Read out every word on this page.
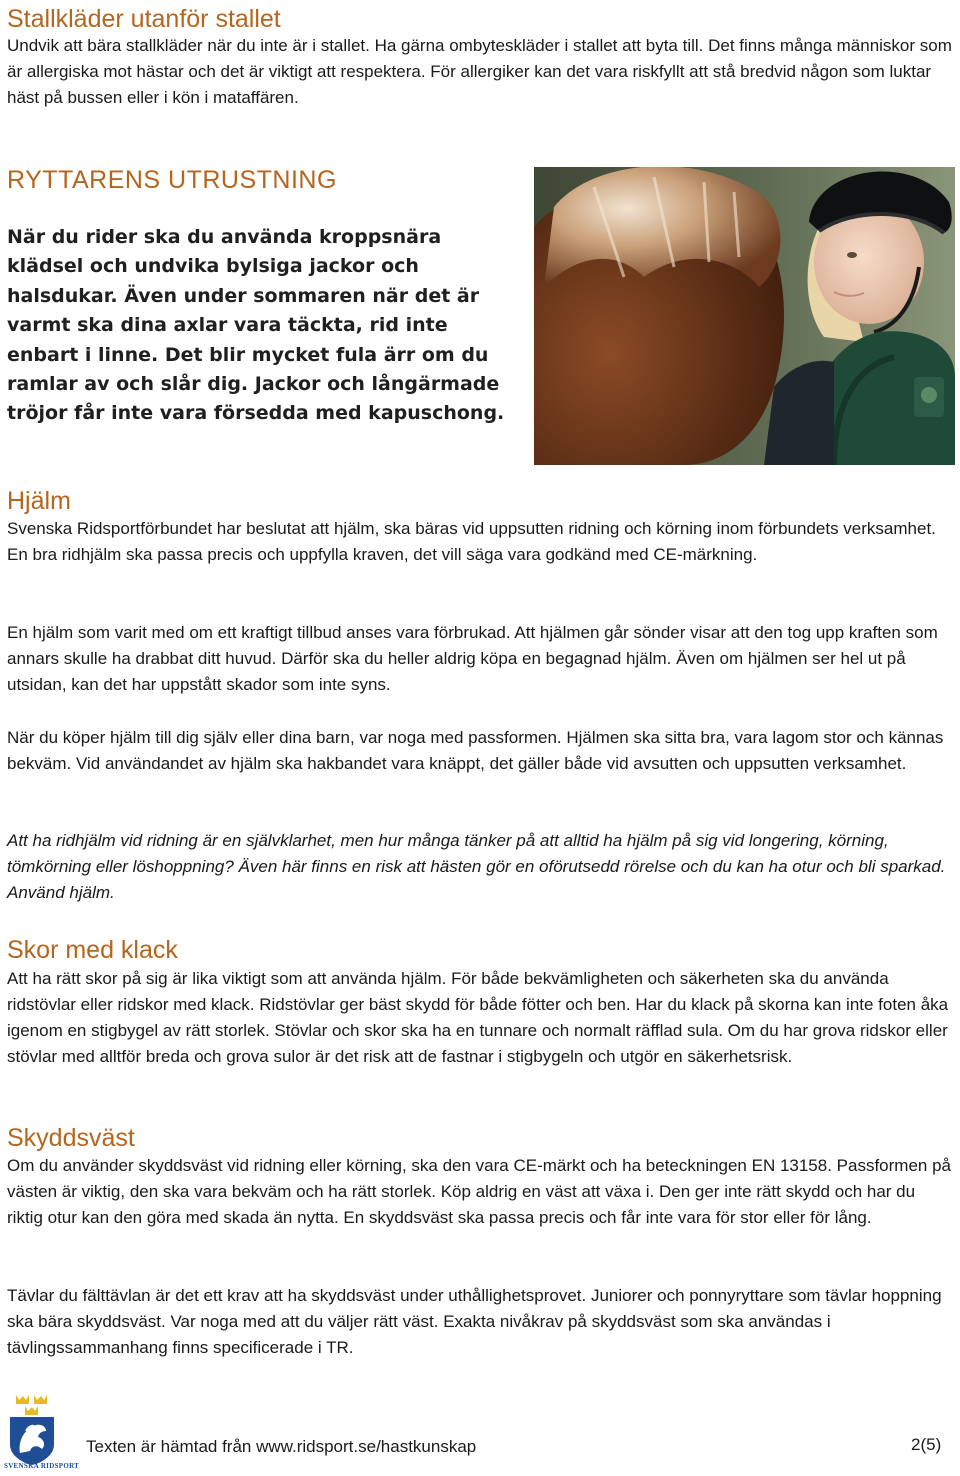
Stallkläder utanför stallet

Undvik att bära stallkläder när du inte är i stallet. Ha gärna ombyteskläder i stallet att byta till. Det finns många människor som är allergiska mot hästar och det är viktigt att respektera. För allergiker kan det vara riskfyllt att stå bredvid någon som luktar häst på bussen eller i kön i mataffären.

RYTTARENS UTRUSTNING

När du rider ska du använda kroppsnära klädsel och undvika bylsiga jackor och halsdukar. Även under sommaren när det är varmt ska dina axlar vara täckta, rid inte enbart i linne. Det blir mycket fula ärr om du ramlar av och slår dig. Jackor och långärmade tröjor får inte vara försedda med kapuschong.

Hjälm

Svenska Ridsportförbundet har beslutat att hjälm, ska bäras vid uppsutten ridning och körning inom förbundets verksamhet. En bra ridhjälm ska passa precis och uppfylla kraven, det vill säga vara godkänd med CE-märkning.

En hjälm som varit med om ett kraftigt tillbud anses vara förbrukad. Att hjälmen går sönder visar att den tog upp kraften som annars skulle ha drabbat ditt huvud. Därför ska du heller aldrig köpa en begagnad hjälm. Även om hjälmen ser hel ut på utsidan, kan det har uppstått skador som inte syns.

När du köper hjälm till dig själv eller dina barn, var noga med passformen. Hjälmen ska sitta bra, vara lagom stor och kännas bekväm. Vid användandet av hjälm ska hakbandet vara knäppt, det gäller både vid avsutten och uppsutten verksamhet.

Att ha ridhjälm vid ridning är en självklarhet, men hur många tänker på att alltid ha hjälm på sig vid longering, körning, tömkörning eller löshoppning? Även här finns en risk att hästen gör en oförutsedd rörelse och du kan ha otur och bli sparkad. Använd hjälm.

Skor med klack

Att ha rätt skor på sig är lika viktigt som att använda hjälm. För både bekvämligheten och säkerheten ska du använda ridstövlar eller ridskor med klack. Ridstövlar ger bäst skydd för både fötter och ben. Har du klack på skorna kan inte foten åka igenom en stigbygel av rätt storlek. Stövlar och skor ska ha en tunnare och normalt räfflad sula. Om du har grova ridskor eller stövlar med alltför breda och grova sulor är det risk att de fastnar i stigbygeln och utgör en säkerhetsrisk.

Skyddsväst

Om du använder skyddsväst vid ridning eller körning, ska den vara CE-märkt och ha beteckningen EN 13158. Passformen på västen är viktig, den ska vara bekväm och ha rätt storlek. Köp aldrig en väst att växa i. Den ger inte rätt skydd och har du riktig otur kan den göra med skada än nytta. En skyddsväst ska passa precis och får inte vara för stor eller för lång.

Tävlar du fälttävlan är det ett krav att ha skyddsväst under uthållighetsprovet. Juniorer och ponnyryttare som tävlar hoppning ska bära skyddsväst. Var noga med att du väljer rätt väst. Exakta nivåkrav på skyddsväst som ska användas i tävlingssammanhang finns specificerade i TR.

SVENSKA RIDSPORT
Texten är hämtad från www.ridsport.se/hastkunskap	2(5)
